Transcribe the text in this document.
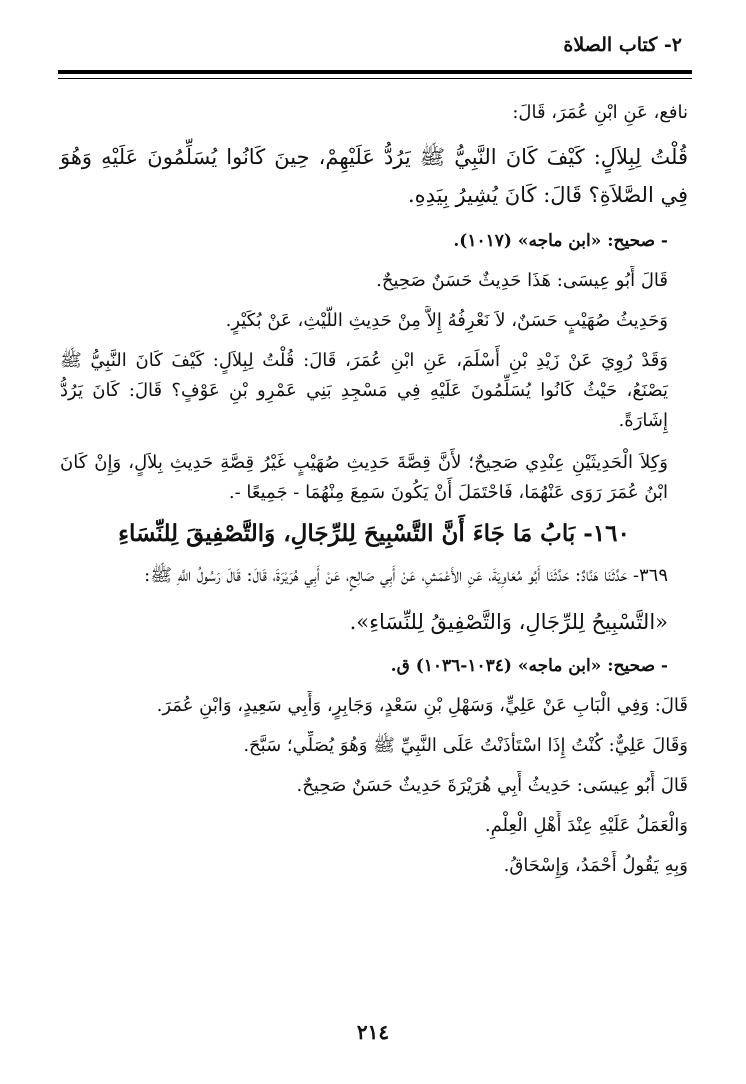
٢- كتاب الصلاة
نافع، عَنِ ابْنِ عُمَرَ، قَالَ:
قُلْتُ لِبِلاَلٍ: كَيْفَ كَانَ النَّبِيُّ ﷺ يَرُدُّ عَلَيْهِمْ، حِينَ كَانُوا يُسَلِّمُونَ عَلَيْهِ وَهُوَ فِي الصَّلاَةِ؟ قَالَ: كَانَ يُشِيرُ بِيَدِهِ.
- صحيح: «ابن ماجه» (١٠١٧).
قَالَ أَبُو عِيسَى: هَذَا حَدِيثٌ حَسَنٌ صَحِيحٌ.
وَحَدِيثُ صُهَيْبٍ حَسَنٌ، لاَ نَعْرِفُهُ إِلاَّ مِنْ حَدِيثِ اللَّيْثِ، عَنْ بُكَيْرٍ.
وَقَدْ رُوِيَ عَنْ زَيْدِ بْنِ أَسْلَمَ، عَنِ ابْنِ عُمَرَ، قَالَ: قُلْتُ لِبِلاَلٍ: كَيْفَ كَانَ النَّبِيُّ ﷺ يَصْنَعُ، حَيْثُ كَانُوا يُسَلِّمُونَ عَلَيْهِ فِي مَسْجِدِ بَنِي عَمْرِو بْنِ عَوْفٍ؟ قَالَ: كَانَ يَرُدُّ إِشَارَةً.
وَكِلاَ الْحَدِيثَيْنِ عِنْدِي صَحِيحٌ؛ لأَنَّ قِصَّةَ حَدِيثِ صُهَيْبٍ غَيْرُ قِصَّةِ حَدِيثِ بِلاَلٍ، وَإِنْ كَانَ ابْنُ عُمَرَ رَوَى عَنْهُمَا، فَاحْتَمَلَ أَنْ يَكُونَ سَمِعَ مِنْهُمَا - جَمِيعًا -.
١٦٠- بَابُ مَا جَاءَ أَنَّ التَّسْبِيحَ لِلرِّجَالِ، وَالتَّصْفِيقَ لِلنِّسَاءِ
٣٦٩- حَدَّثَنَا هَنَّادٌ: حَدَّثَنَا أَبُو مُعَاوِيَةَ، عَنِ الأَعْمَشِ، عَنْ أَبِي صَالِحٍ، عَنْ أَبِي هُرَيْرَةَ، قَالَ: قَالَ رَسُولُ اللَّهِ ﷺ:
«التَّسْبِيحُ لِلرِّجَالِ، وَالتَّصْفِيقُ لِلنِّسَاءِ».
- صحيح: «ابن ماجه» (١٠٣٤-١٠٣٦) ق.
قَالَ: وَفِي الْبَابِ عَنْ عَلِيٍّ، وَسَهْلِ بْنِ سَعْدٍ، وَجَابِرٍ، وَأَبِي سَعِيدٍ، وَابْنِ عُمَرَ.
وَقَالَ عَلِيٌّ: كُنْتُ إِذَا اسْتَأْذَنْتُ عَلَى النَّبِيِّ ﷺ وَهُوَ يُصَلِّي؛ سَبَّحَ.
قَالَ أَبُو عِيسَى: حَدِيثُ أَبِي هُرَيْرَةَ حَدِيثٌ حَسَنٌ صَحِيحٌ.
وَالْعَمَلُ عَلَيْهِ عِنْدَ أَهْلِ الْعِلْمِ.
وَبِهِ يَقُولُ أَحْمَدُ، وَإِسْحَاقُ.
٢١٤
